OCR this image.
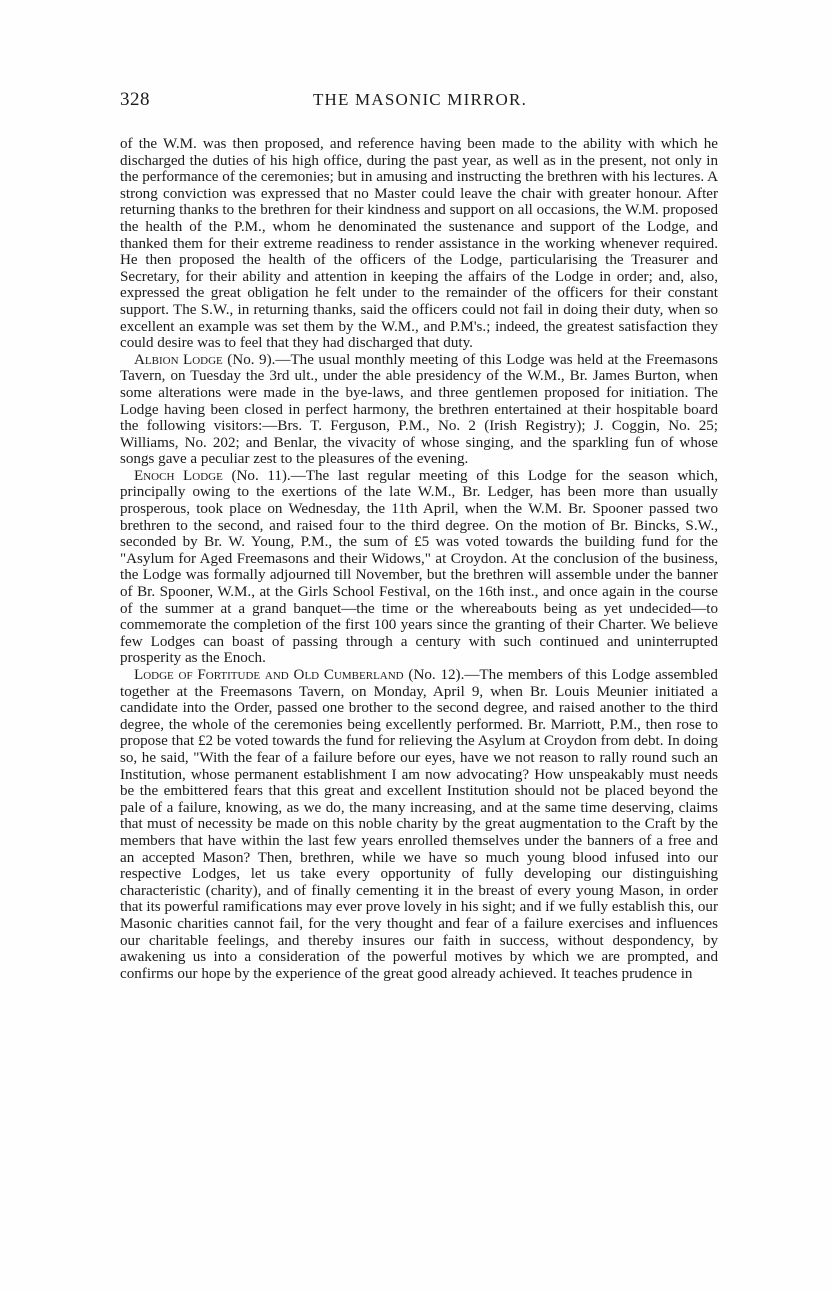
328	THE MASONIC MIRROR.

of the W.M. was then proposed, and reference having been made to the ability with which he discharged the duties of his high office, during the past year, as well as in the present, not only in the performance of the ceremonies; but in amusing and instructing the brethren with his lectures. A strong conviction was expressed that no Master could leave the chair with greater honour. After returning thanks to the brethren for their kindness and support on all occasions, the W.M. proposed the health of the P.M., whom he denominated the sustenance and support of the Lodge, and thanked them for their extreme readiness to render assistance in the working whenever required. He then proposed the health of the officers of the Lodge, particularising the Treasurer and Secretary, for their ability and attention in keeping the affairs of the Lodge in order; and, also, expressed the great obligation he felt under to the remainder of the officers for their constant support. The S.W., in returning thanks, said the officers could not fail in doing their duty, when so excellent an example was set them by the W.M., and P.M's.; indeed, the greatest satisfaction they could desire was to feel that they had discharged that duty.

Albion Lodge (No. 9).—The usual monthly meeting of this Lodge was held at the Freemasons Tavern, on Tuesday the 3rd ult., under the able presidency of the W.M., Br. James Burton, when some alterations were made in the bye-laws, and three gentlemen proposed for initiation. The Lodge having been closed in perfect harmony, the brethren entertained at their hospitable board the following visitors:—Brs. T. Ferguson, P.M., No. 2 (Irish Registry); J. Coggin, No. 25; Williams, No. 202; and Benlar, the vivacity of whose singing, and the sparkling fun of whose songs gave a peculiar zest to the pleasures of the evening.

Enoch Lodge (No. 11).—The last regular meeting of this Lodge for the season which, principally owing to the exertions of the late W.M., Br. Ledger, has been more than usually prosperous, took place on Wednesday, the 11th April, when the W.M. Br. Spooner passed two brethren to the second, and raised four to the third degree. On the motion of Br. Bincks, S.W., seconded by Br. W. Young, P.M., the sum of £5 was voted towards the building fund for the "Asylum for Aged Freemasons and their Widows," at Croydon. At the conclusion of the business, the Lodge was formally adjourned till November, but the brethren will assemble under the banner of Br. Spooner, W.M., at the Girls School Festival, on the 16th inst., and once again in the course of the summer at a grand banquet—the time or the whereabouts being as yet undecided—to commemorate the completion of the first 100 years since the granting of their Charter. We believe few Lodges can boast of passing through a century with such continued and uninterrupted prosperity as the Enoch.

Lodge of Fortitude and Old Cumberland (No. 12).—The members of this Lodge assembled together at the Freemasons Tavern, on Monday, April 9, when Br. Louis Meunier initiated a candidate into the Order, passed one brother to the second degree, and raised another to the third degree, the whole of the ceremonies being excellently performed. Br. Marriott, P.M., then rose to propose that £2 be voted towards the fund for relieving the Asylum at Croydon from debt. In doing so, he said, "With the fear of a failure before our eyes, have we not reason to rally round such an Institution, whose permanent establishment I am now advocating? How unspeakably must needs be the embittered fears that this great and excellent Institution should not be placed beyond the pale of a failure, knowing, as we do, the many increasing, and at the same time deserving, claims that must of necessity be made on this noble charity by the great augmentation to the Craft by the members that have within the last few years enrolled themselves under the banners of a free and an accepted Mason? Then, brethren, while we have so much young blood infused into our respective Lodges, let us take every opportunity of fully developing our distinguishing characteristic (charity), and of finally cementing it in the breast of every young Mason, in order that its powerful ramifications may ever prove lovely in his sight; and if we fully establish this, our Masonic charities cannot fail, for the very thought and fear of a failure exercises and influences our charitable feelings, and thereby insures our faith in success, without despondency, by awakening us into a consideration of the powerful motives by which we are prompted, and confirms our hope by the experience of the great good already achieved. It teaches prudence in
